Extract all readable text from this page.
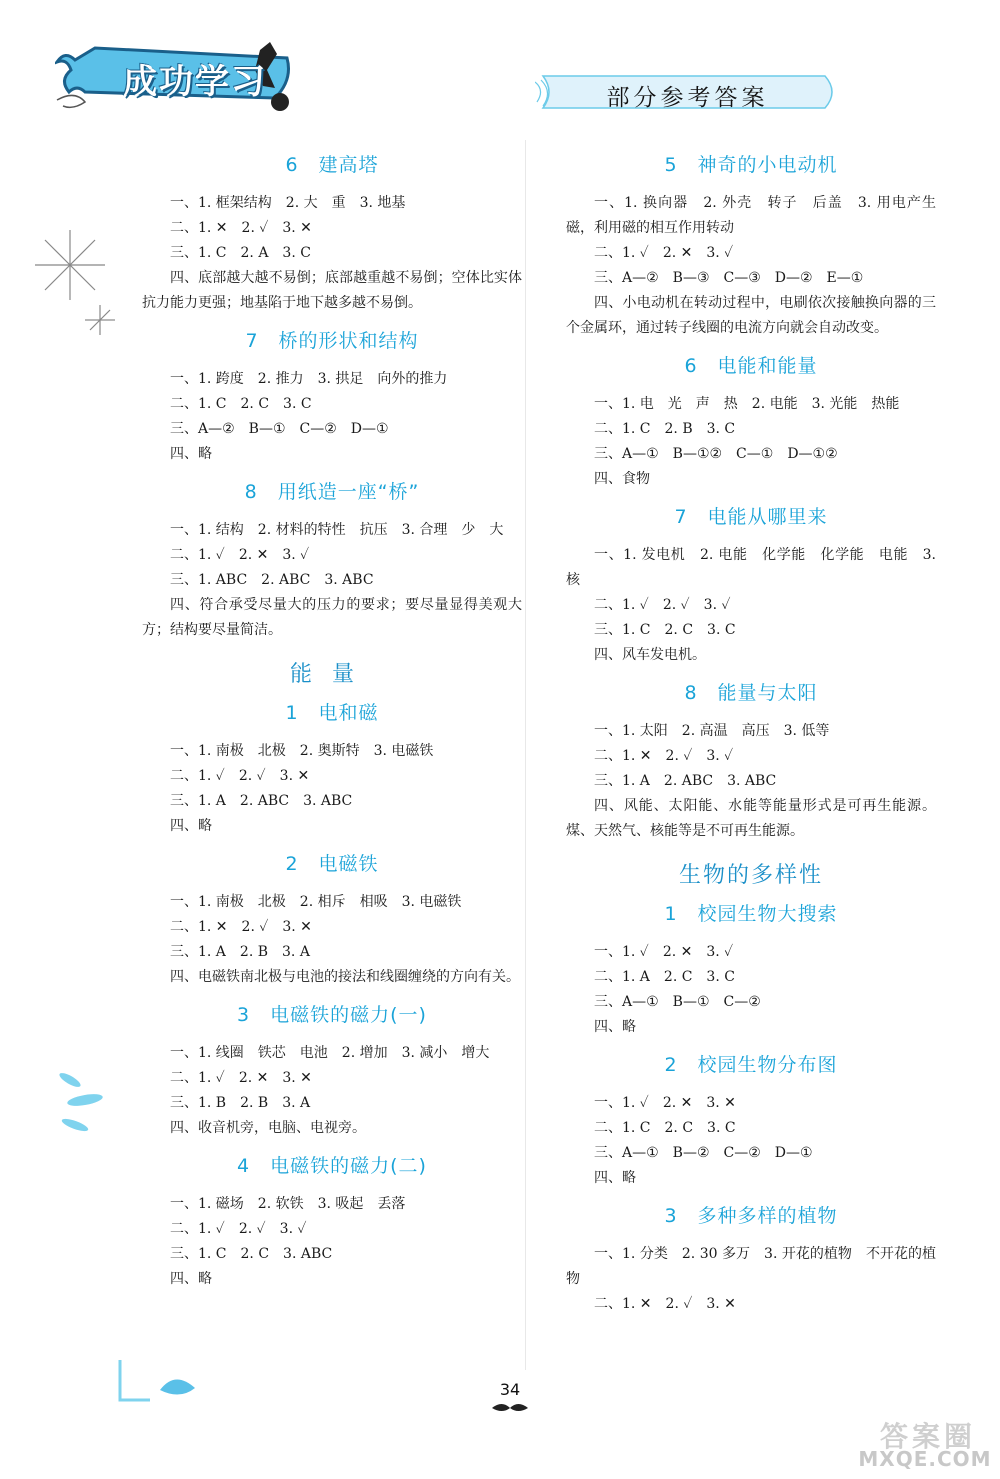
成功学习	部分参考答案
6　建高塔
一、1. 框架结构　2. 大　重　3. 地基
二、1. ✕　2. ✓　3. ✕
三、1. C　2. A　3. C
四、底部越大越不易倒；底部越重越不易倒；空体比实体抗力能力更强；地基陷于地下越多越不易倒。
7　桥的形状和结构
一、1. 跨度　2. 推力　3. 拱足　向外的推力
二、1. C　2. C　3. C
三、A—②　B—①　C—②　D—①
四、略
8　用纸造一座“桥”
一、1. 结构　2. 材料的特性　抗压　3. 合理　少　大
二、1. ✓　2. ✕　3. ✓
三、1. ABC　2. ABC　3. ABC
四、符合承受尽量大的压力的要求；要尽量显得美观大方；结构要尽量简洁。
能量
1　电和磁
一、1. 南极　北极　2. 奥斯特　3. 电磁铁
二、1. ✓　2. ✓　3. ✕
三、1. A　2. ABC　3. ABC
四、略
2　电磁铁
一、1. 南极　北极　2. 相斥　相吸　3. 电磁铁
二、1. ✕　2. ✓　3. ✕
三、1. A　2. B　3. A
四、电磁铁南北极与电池的接法和线圈缠绕的方向有关。
3　电磁铁的磁力(一)
一、1. 线圈　铁芯　电池　2. 增加　3. 减小　增大
二、1. ✓　2. ✕　3. ✕
三、1. B　2. B　3. A
四、收音机旁，电脑、电视旁。
4　电磁铁的磁力(二)
一、1. 磁场　2. 软铁　3. 吸起　丢落
二、1. ✓　2. ✓　3. ✓
三、1. C　2. C　3. ABC
四、略
5　神奇的小电动机
一、1. 换向器　2. 外壳　转子　后盖　3. 用电产生磁，利用磁的相互作用转动
二、1. ✓　2. ✕　3. ✓
三、A—②　B—③　C—③　D—②　E—①
四、小电动机在转动过程中，电刷依次接触换向器的三个金属环，通过转子线圈的电流方向就会自动改变。
6　电能和能量
一、1. 电　光　声　热　2. 电能　3. 光能　热能
二、1. C　2. B　3. C
三、A—①　B—①②　C—①　D—①②
四、食物
7　电能从哪里来
一、1. 发电机　2. 电能　化学能　化学能　电能　3. 核
二、1. ✓　2. ✓　3. ✓
三、1. C　2. C　3. C
四、风车发电机。
8　能量与太阳
一、1. 太阳　2. 高温　高压　3. 低等
二、1. ✕　2. ✓　3. ✓
三、1. A　2. ABC　3. ABC
四、风能、太阳能、水能等能量形式是可再生能源。煤、天然气、核能等是不可再生能源。
生物的多样性
1　校园生物大搜索
一、1. ✓　2. ✕　3. ✓
二、1. A　2. C　3. C
三、A—①　B—①　C—②
四、略
2　校园生物分布图
一、1. ✓　2. ✕　3. ✕
二、1. C　2. C　3. C
三、A—①　B—②　C—②　D—①
四、略
3　多种多样的植物
一、1. 分类　2. 30 多万　3. 开花的植物　不开花的植物
二、1. ✕　2. ✓　3. ✕
34
答案圈
MXQE.COM
